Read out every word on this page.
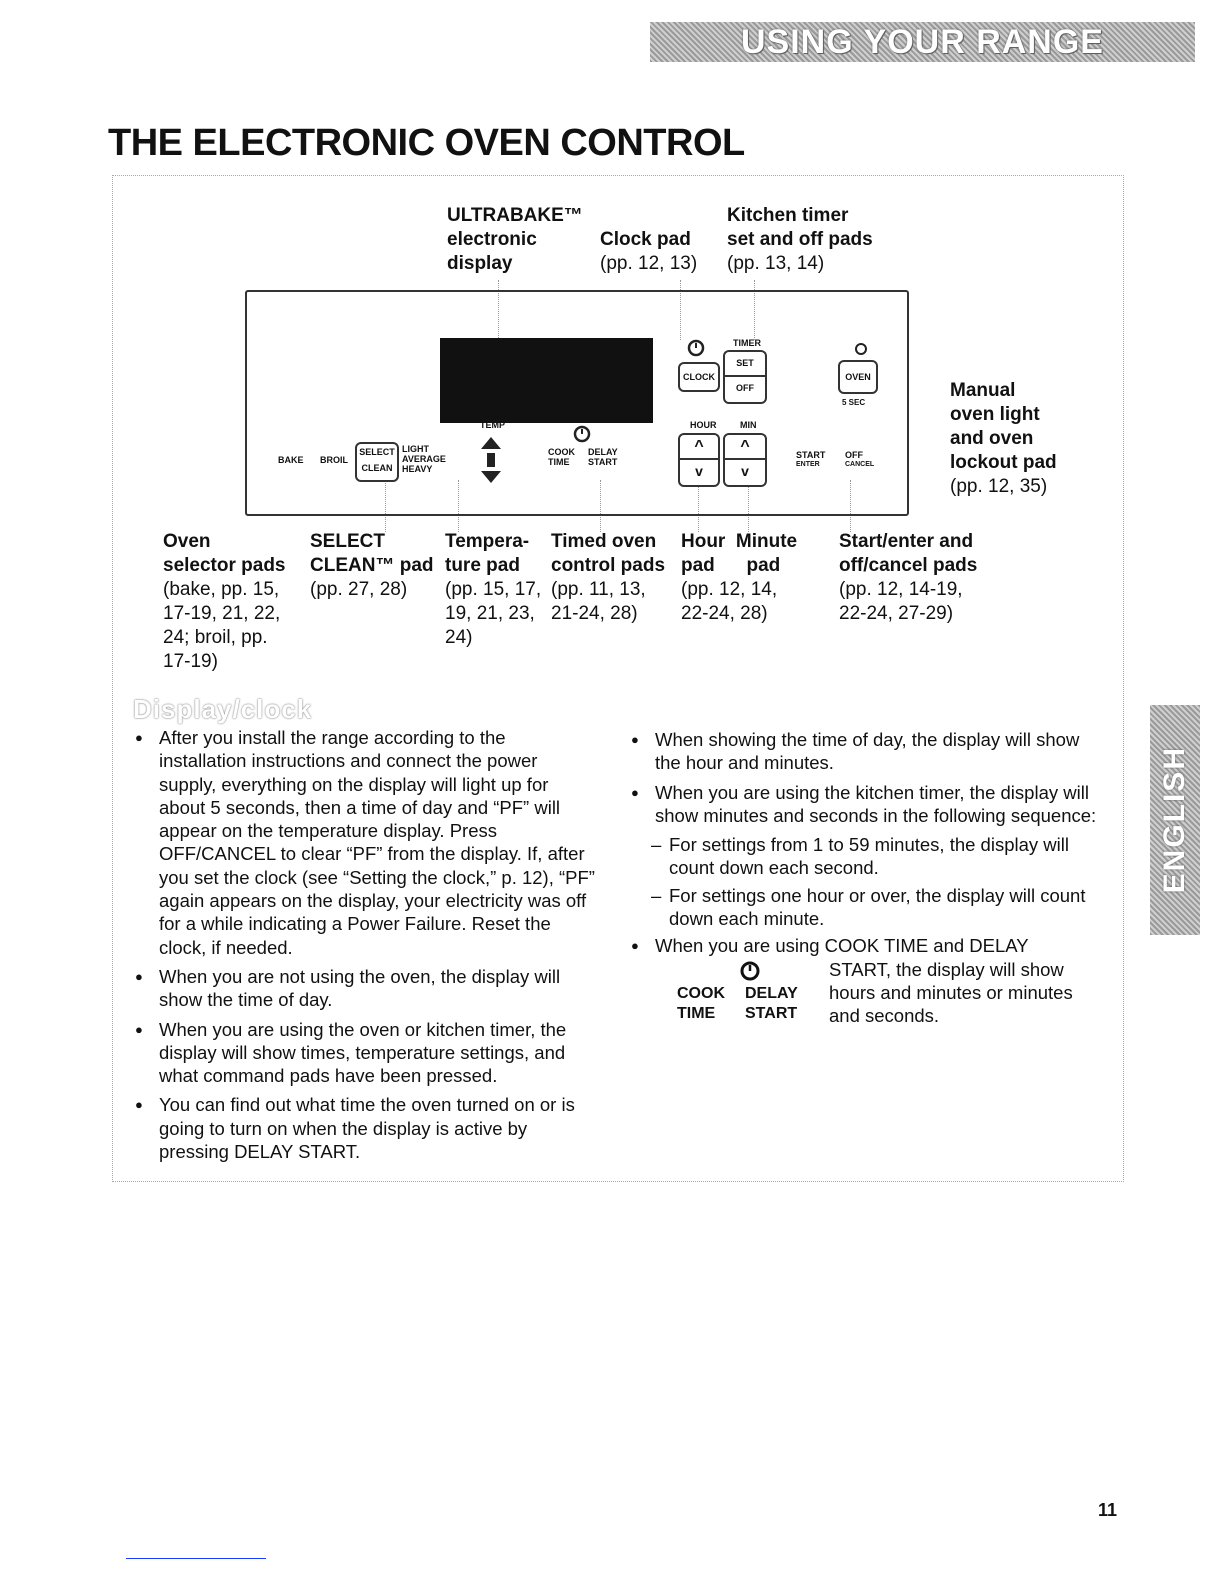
USING YOUR RANGE
THE ELECTRONIC OVEN CONTROL
ULTRABAKE™
electronic
display
Clock pad
(pp. 12, 13)
Kitchen timer
set and off pads
(pp. 13, 14)
Manual
oven light
and oven
lockout pad
(pp. 12, 35)
BAKE BROIL
SELECT
CLEAN
LIGHT
AVERAGE
HEAVY
TEMP
COOK
TIME
DELAY
START
CLOCK
TIMER
SET
OFF
HOUR	MIN
^
v
^
v
OVEN
5 SEC
START
ENTER
OFF
CANCEL
Oven
selector pads
(bake, pp. 15,
17-19, 21, 22,
24; broil, pp.
17-19)
SELECT
CLEAN™ pad
(pp. 27, 28)
Tempera-
ture pad
(pp. 15, 17,
19, 21, 23,
24)
Timed oven
control pads
(pp. 11, 13,
21-24, 28)
Hour Minute
pad pad
(pp. 12, 14,
22-24, 28)
Start/enter and
off/cancel pads
(pp. 12, 14-19,
22-24, 27-29)
Display/clock
● After you install the range according to the installation instructions and connect the power supply, everything on the display will light up for about 5 seconds, then a time of day and “PF” will appear on the temperature display. Press OFF/CANCEL to clear “PF” from the display. If, after you set the clock (see “Setting the clock,” p. 12), “PF” again appears on the display, your electricity was off for a while indicating a Power Failure. Reset the clock, if needed.
● When you are not using the oven, the display will show the time of day.
● When you are using the oven or kitchen timer, the display will show times, temperature settings, and what command pads have been pressed.
● You can find out what time the oven turned on or is going to turn on when the display is active by pressing DELAY START.
● When showing the time of day, the display will show the hour and minutes.
● When you are using the kitchen timer, the display will show minutes and seconds in the following sequence:
– For settings from 1 to 59 minutes, the display will count down each second.
– For settings one hour or over, the display will count down each minute.
● When you are using COOK TIME and DELAY
COOK
TIME
DELAY
START
START, the display will show
hours and minutes or minutes
and seconds.
ENGLISH
11
